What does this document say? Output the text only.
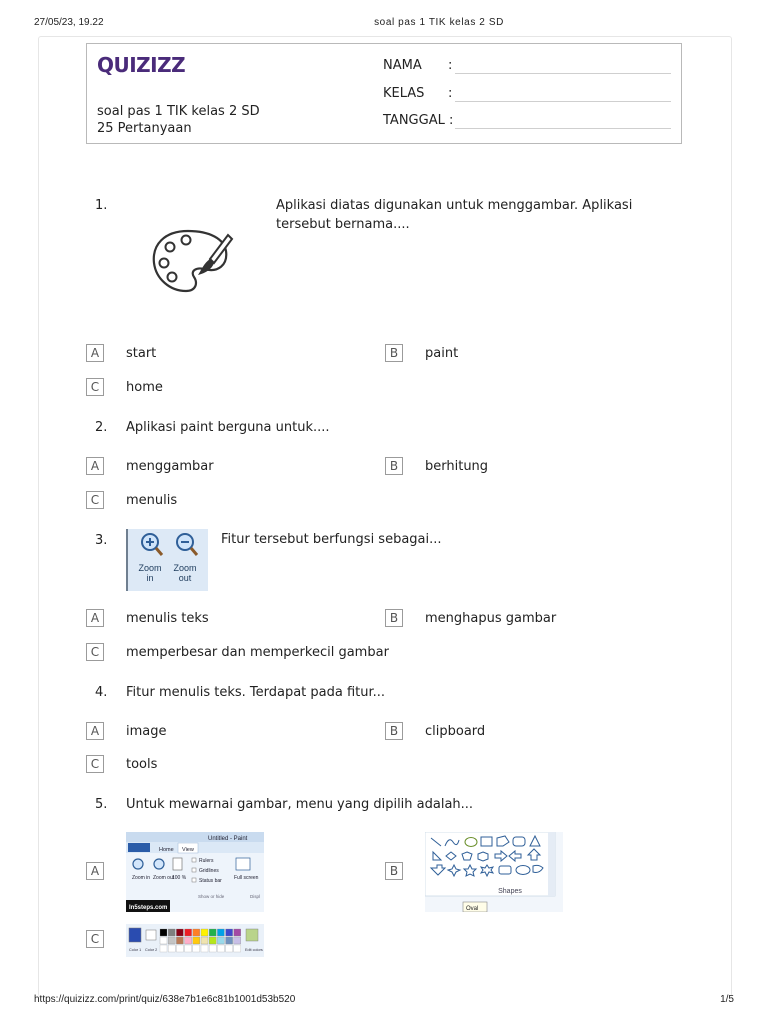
27/05/23, 19.22	soal pas 1 TIK kelas 2 SD
QUIZIZZ
soal pas 1 TIK kelas 2 SD
25 Pertanyaan
NAMA :
KELAS :
TANGGAL :
1.	Aplikasi diatas digunakan untuk menggambar. Aplikasi tersebut bernama....
A	start	B	paint
C	home
2. Aplikasi paint berguna untuk....
A	menggambar	B	berhitung
C	menulis
3.
Zoom
in
Zoom
out
Fitur tersebut berfungsi sebagai...
A	menulis teks	B	menghapus gambar
C	memperbesar dan memperkecil gambar
4. Fitur menulis teks. Terdapat pada fitur...
A	image	B	clipboard
C	tools
5. Untuk mewarnai gambar, menu yang dipilih adalah...
A
Untitled - Paint
Home View
Zoom in Zoom out
100 %
Rulers
Gridlines
Status bar
Show or hide
Full screen
Displ
In5steps.com
B
Shapes
Oval
C
Color 1 Color 2	Edit colors
https://quizizz.com/print/quiz/638e7b1e6c81b1001d53b520	1/5
